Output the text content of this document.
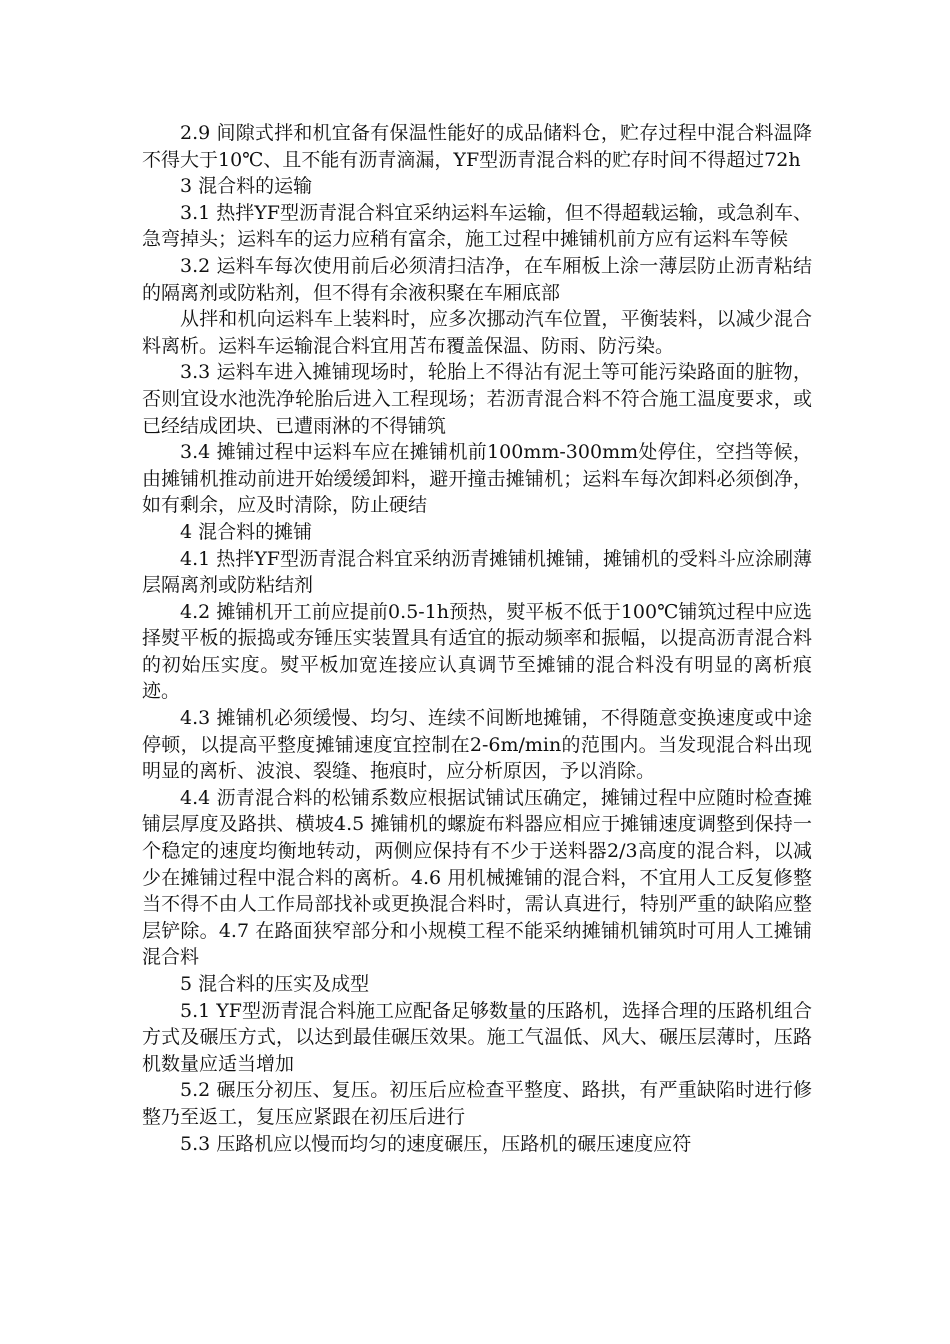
2.9 间隙式拌和机宜备有保温性能好的成品储料仓，贮存过程中混合料温降不得大于10℃、且不能有沥青滴漏，YF型沥青混合料的贮存时间不得超过72h

3 混合料的运输

3.1 热拌YF型沥青混合料宜采纳运料车运输，但不得超载运输，或急刹车、急弯掉头；运料车的运力应稍有富余，施工过程中摊铺机前方应有运料车等候

3.2 运料车每次使用前后必须清扫洁净，在车厢板上涂一薄层防止沥青粘结的隔离剂或防粘剂，但不得有余液积聚在车厢底部

从拌和机向运料车上装料时，应多次挪动汽车位置，平衡装料，以减少混合料离析。运料车运输混合料宜用苫布覆盖保温、防雨、防污染。

3.3 运料车进入摊铺现场时，轮胎上不得沾有泥土等可能污染路面的脏物，否则宜设水池洗净轮胎后进入工程现场；若沥青混合料不符合施工温度要求，或已经结成团块、已遭雨淋的不得铺筑

3.4 摊铺过程中运料车应在摊铺机前100mm-300mm处停住，空挡等候，由摊铺机推动前进开始缓缓卸料，避开撞击摊铺机；运料车每次卸料必须倒净，如有剩余，应及时清除，防止硬结

4 混合料的摊铺

4.1 热拌YF型沥青混合料宜采纳沥青摊铺机摊铺，摊铺机的受料斗应涂刷薄层隔离剂或防粘结剂

4.2 摊铺机开工前应提前0.5-1h预热，熨平板不低于100℃铺筑过程中应选择熨平板的振捣或夯锤压实装置具有适宜的振动频率和振幅，以提高沥青混合料的初始压实度。熨平板加宽连接应认真调节至摊铺的混合料没有明显的离析痕迹。

4.3 摊铺机必须缓慢、均匀、连续不间断地摊铺，不得随意变换速度或中途停顿，以提高平整度摊铺速度宜控制在2-6m/min的范围内。当发现混合料出现明显的离析、波浪、裂缝、拖痕时，应分析原因，予以消除。

4.4 沥青混合料的松铺系数应根据试铺试压确定，摊铺过程中应随时检查摊铺层厚度及路拱、横坡4.5 摊铺机的螺旋布料器应相应于摊铺速度调整到保持一个稳定的速度均衡地转动，两侧应保持有不少于送料器2/3高度的混合料，以减少在摊铺过程中混合料的离析。4.6 用机械摊铺的混合料，不宜用人工反复修整当不得不由人工作局部找补或更换混合料时，需认真进行，特别严重的缺陷应整层铲除。4.7 在路面狭窄部分和小规模工程不能采纳摊铺机铺筑时可用人工摊铺混合料

5 混合料的压实及成型

5.1 YF型沥青混合料施工应配备足够数量的压路机，选择合理的压路机组合方式及碾压方式，以达到最佳碾压效果。施工气温低、风大、碾压层薄时，压路机数量应适当增加

5.2 碾压分初压、复压。初压后应检查平整度、路拱，有严重缺陷时进行修整乃至返工，复压应紧跟在初压后进行

5.3 压路机应以慢而均匀的速度碾压，压路机的碾压速度应符
